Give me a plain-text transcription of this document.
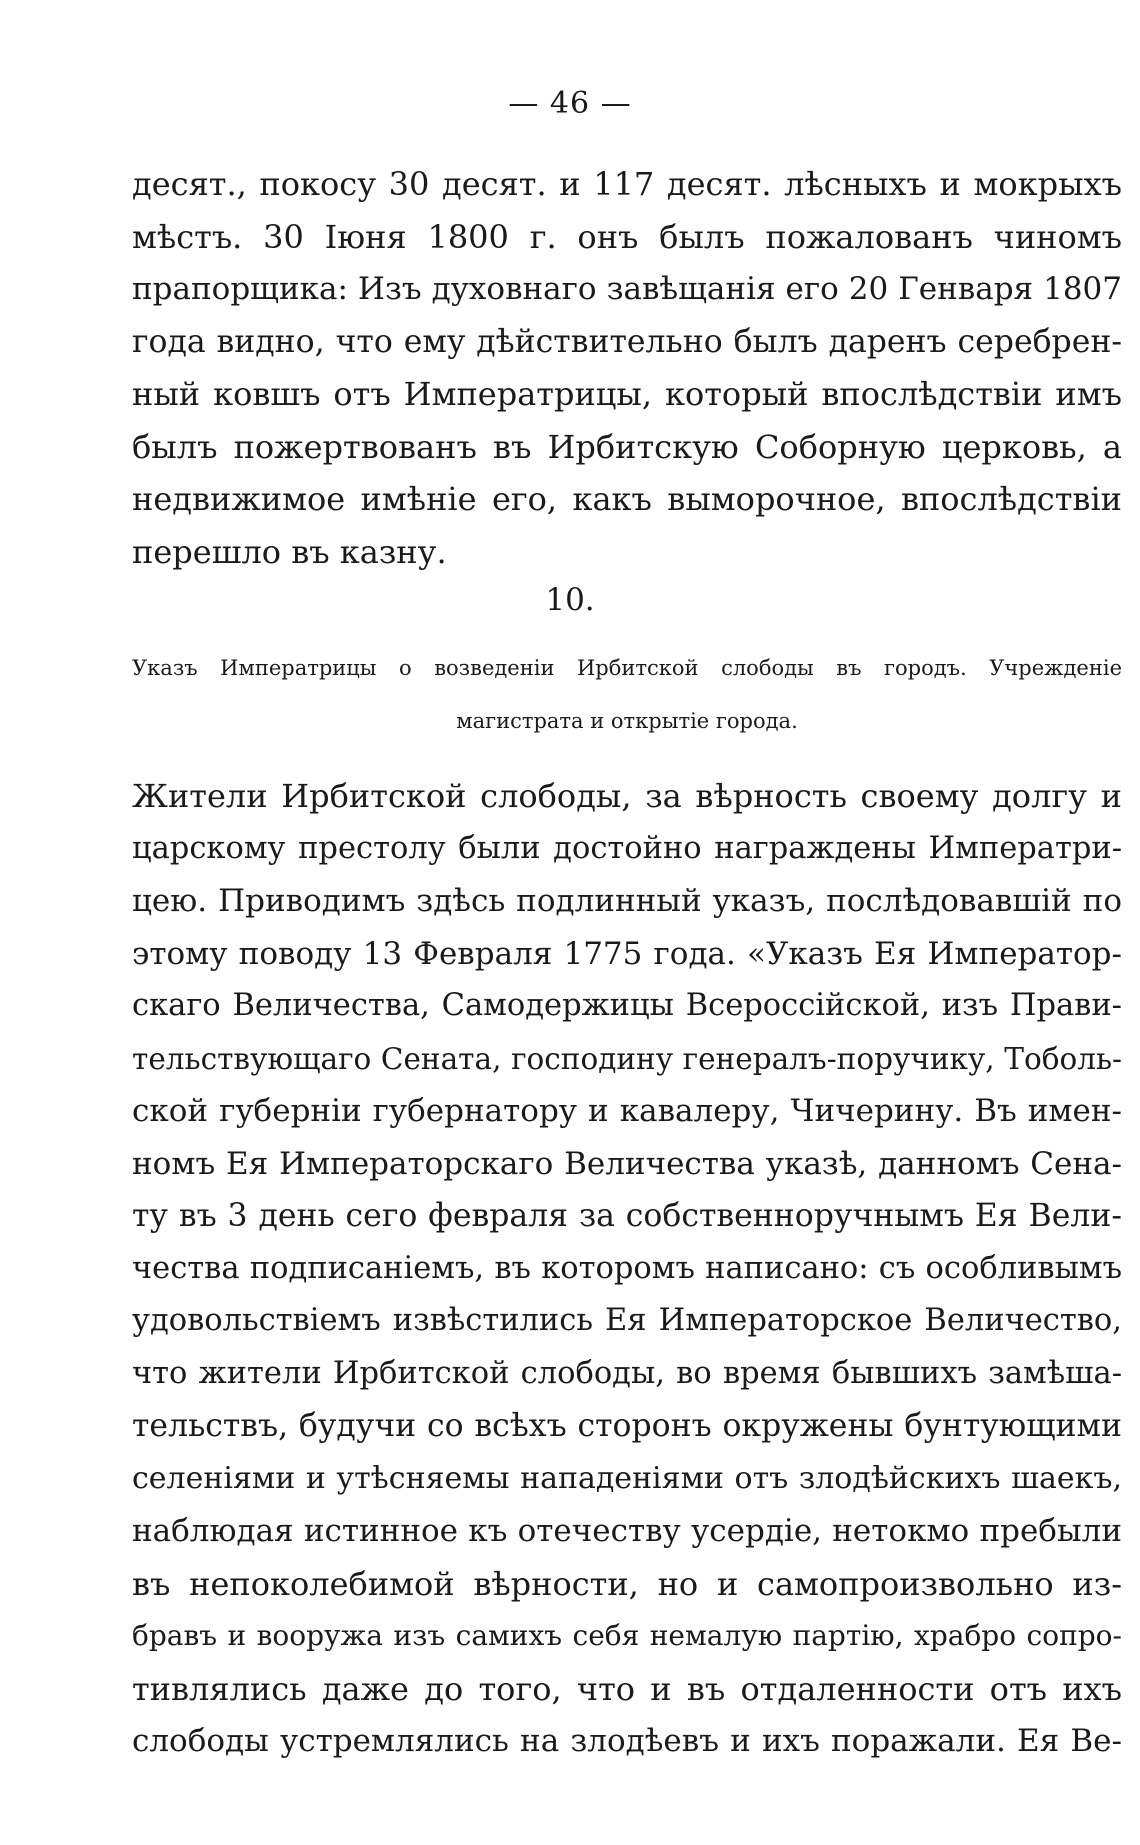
— 46 —
десят., покосу 30 десят. и 117 десят. лѣсныхъ и мокрыхъ
мѣстъ. 30 Іюня 1800 г. онъ былъ пожалованъ чиномъ
прапорщика: Изъ духовнаго завѣщанія его 20 Генваря 1807
года видно, что ему дѣйствительно былъ даренъ серебрен-
ный ковшъ отъ Императрицы, который впослѣдствіи имъ
былъ пожертвованъ въ Ирбитскую Соборную церковь, а
недвижимое имѣніе его, какъ выморочное, впослѣдствіи
перешло въ казну.
10.
Указъ Императрицы о возведеніи Ирбитской слободы въ городъ. Учрежденіе
магистрата и открытіе города.
Жители Ирбитской слободы, за вѣрность своему долгу и
царскому престолу были достойно награждены Императри-
цею. Приводимъ здѣсь подлинный указъ, послѣдовавшій по
этому поводу 13 Февраля 1775 года. «Указъ Ея Император-
скаго Величества, Самодержицы Всероссійской, изъ Прави-
тельствующаго Сената, господину генералъ-поручику, Тоболь-
ской губерніи губернатору и кавалеру, Чичерину. Въ имен-
номъ Ея Императорскаго Величества указѣ, данномъ Сена-
ту въ 3 день сего февраля за собственноручнымъ Ея Вели-
чества подписаніемъ, въ которомъ написано: съ особливымъ
удовольствіемъ извѣстились Ея Императорское Величество,
что жители Ирбитской слободы, во время бывшихъ замѣша-
тельствъ, будучи со всѣхъ сторонъ окружены бунтующими
селеніями и утѣсняемы нападеніями отъ злодѣйскихъ шаекъ,
наблюдая истинное къ отечеству усердіе, нетокмо пребыли
въ непоколебимой вѣрности, но и самопроизвольно из-
бравъ и вооружа изъ самихъ себя немалую партію, храбро сопро-
тивлялись даже до того, что и въ отдаленности отъ ихъ
слободы устремлялись на злодѣевъ и ихъ поражали. Ея Ве-
